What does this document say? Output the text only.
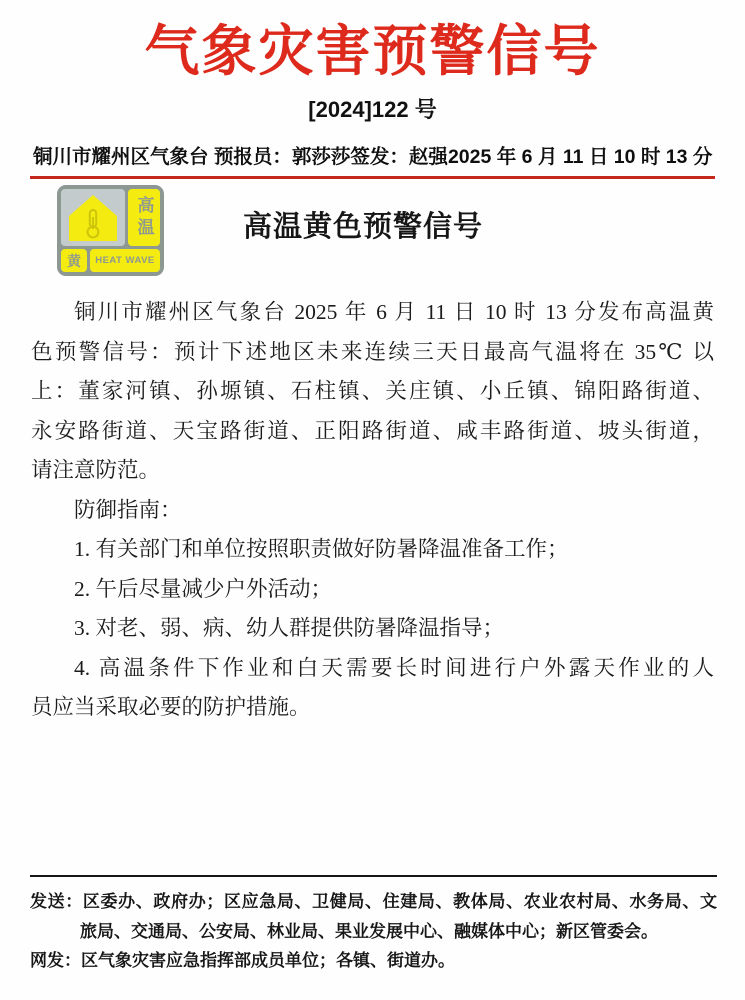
气象灾害预警信号
[2024]122 号
铜川市耀州区气象台 预报员：郭莎莎 签发：赵强 2025 年 6 月 11 日 10 时 13 分
高温
黄	HEAT WAVE
高温黄色预警信号
铜川市耀州区气象台 2025 年 6 月 11 日 10 时 13 分发布高温黄
色预警信号：预计下述地区未来连续三天日最高气温将在 35℃ 以
上：董家河镇、孙塬镇、石柱镇、关庄镇、小丘镇、锦阳路街道、
永安路街道、天宝路街道、正阳路街道、咸丰路街道、坡头街道，
请注意防范。
防御指南：
1. 有关部门和单位按照职责做好防暑降温准备工作；
2. 午后尽量减少户外活动；
3. 对老、弱、病、幼人群提供防暑降温指导；
4. 高温条件下作业和白天需要长时间进行户外露天作业的人
员应当采取必要的防护措施。

发送：区委办、政府办；区应急局、卫健局、住建局、教体局、农业农村局、水务局、文

旅局、交通局、公安局、林业局、果业发展中心、融媒体中心；新区管委会。

网发：区气象灾害应急指挥部成员单位；各镇、街道办。
